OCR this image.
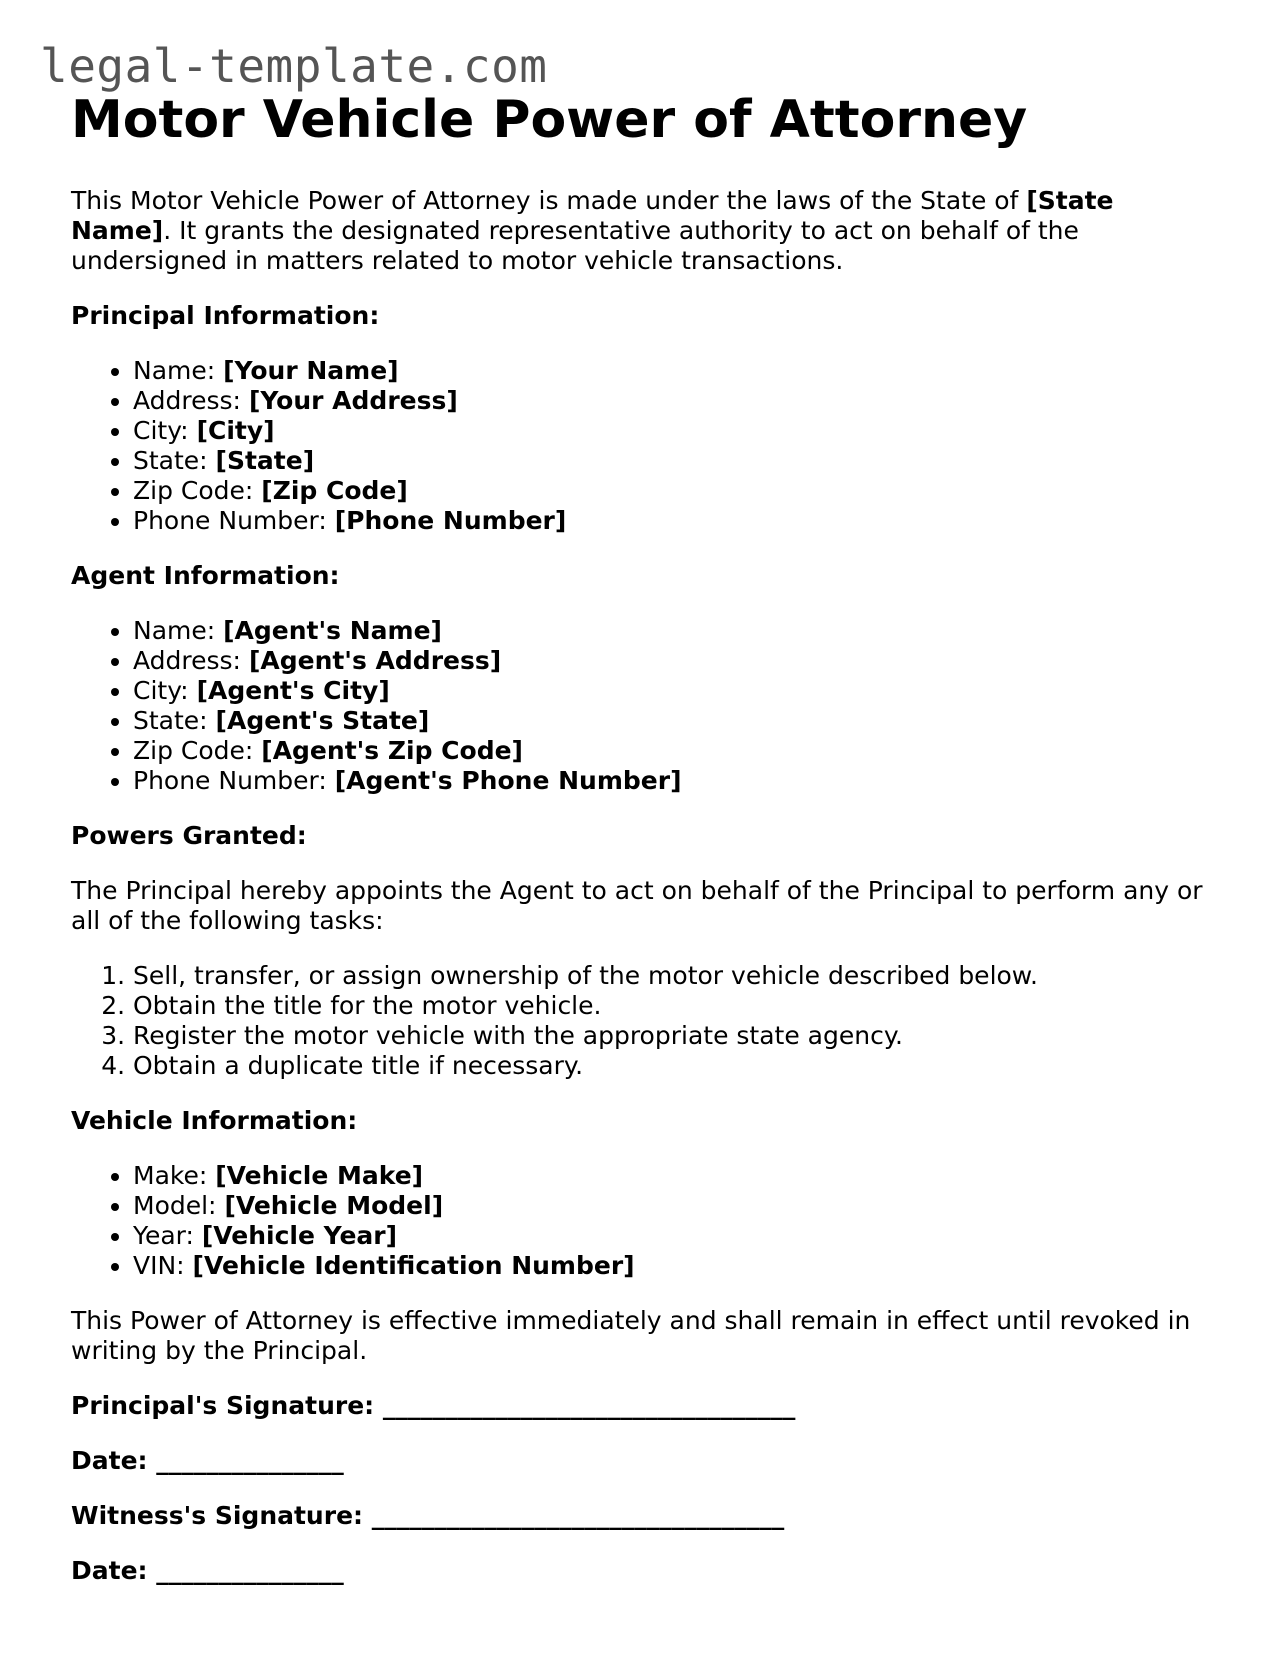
legal-template.com
Motor Vehicle Power of Attorney

This Motor Vehicle Power of Attorney is made under the laws of the State of [State Name]. It grants the designated representative authority to act on behalf of the undersigned in matters related to motor vehicle transactions.

Principal Information:

• Name: [Your Name]
• Address: [Your Address]
• City: [City]
• State: [State]
• Zip Code: [Zip Code]
• Phone Number: [Phone Number]

Agent Information:

• Name: [Agent's Name]
• Address: [Agent's Address]
• City: [Agent's City]
• State: [Agent's State]
• Zip Code: [Agent's Zip Code]
• Phone Number: [Agent's Phone Number]

Powers Granted:

The Principal hereby appoints the Agent to act on behalf of the Principal to perform any or all of the following tasks:

1. Sell, transfer, or assign ownership of the motor vehicle described below.
2. Obtain the title for the motor vehicle.
3. Register the motor vehicle with the appropriate state agency.
4. Obtain a duplicate title if necessary.

Vehicle Information:

• Make: [Vehicle Make]
• Model: [Vehicle Model]
• Year: [Vehicle Year]
• VIN: [Vehicle Identification Number]

This Power of Attorney is effective immediately and shall remain in effect until revoked in writing by the Principal.

Principal's Signature: _________________________________

Date: _______________

Witness's Signature: _________________________________

Date: _______________
